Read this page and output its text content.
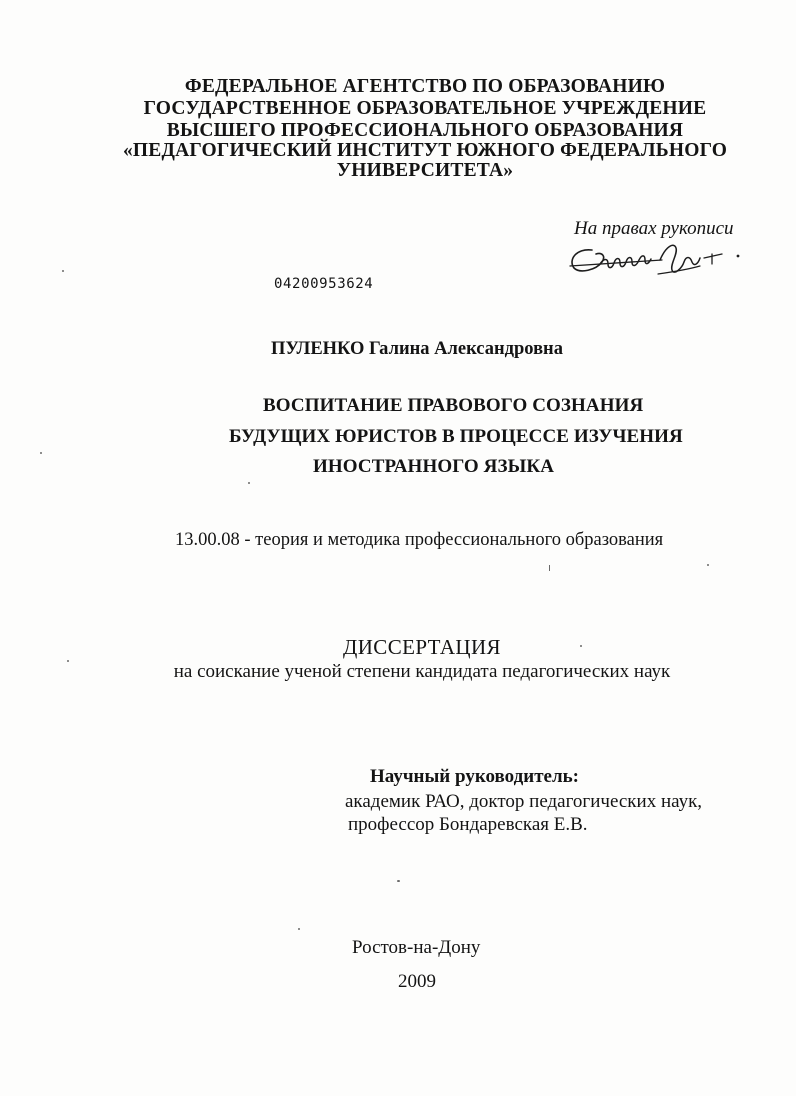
ФЕДЕРАЛЬНОЕ АГЕНТСТВО ПО ОБРАЗОВАНИЮ
ГОСУДАРСТВЕННОЕ ОБРАЗОВАТЕЛЬНОЕ УЧРЕЖДЕНИЕ
ВЫСШЕГО ПРОФЕССИОНАЛЬНОГО ОБРАЗОВАНИЯ
«ПЕДАГОГИЧЕСКИЙ ИНСТИТУТ ЮЖНОГО ФЕДЕРАЛЬНОГО
УНИВЕРСИТЕТА»
На правах рукописи
04200953624
ПУЛЕНКО Галина Александровна
ВОСПИТАНИЕ ПРАВОВОГО СОЗНАНИЯ
БУДУЩИХ ЮРИСТОВ В ПРОЦЕССЕ ИЗУЧЕНИЯ
ИНОСТРАННОГО ЯЗЫКА
13.00.08 - теория и методика профессионального образования
ДИССЕРТАЦИЯ
на соискание ученой степени кандидата педагогических наук
Научный руководитель:
академик РАО, доктор педагогических наук,
профессор Бондаревская Е.В.
Ростов-на-Дону
2009
